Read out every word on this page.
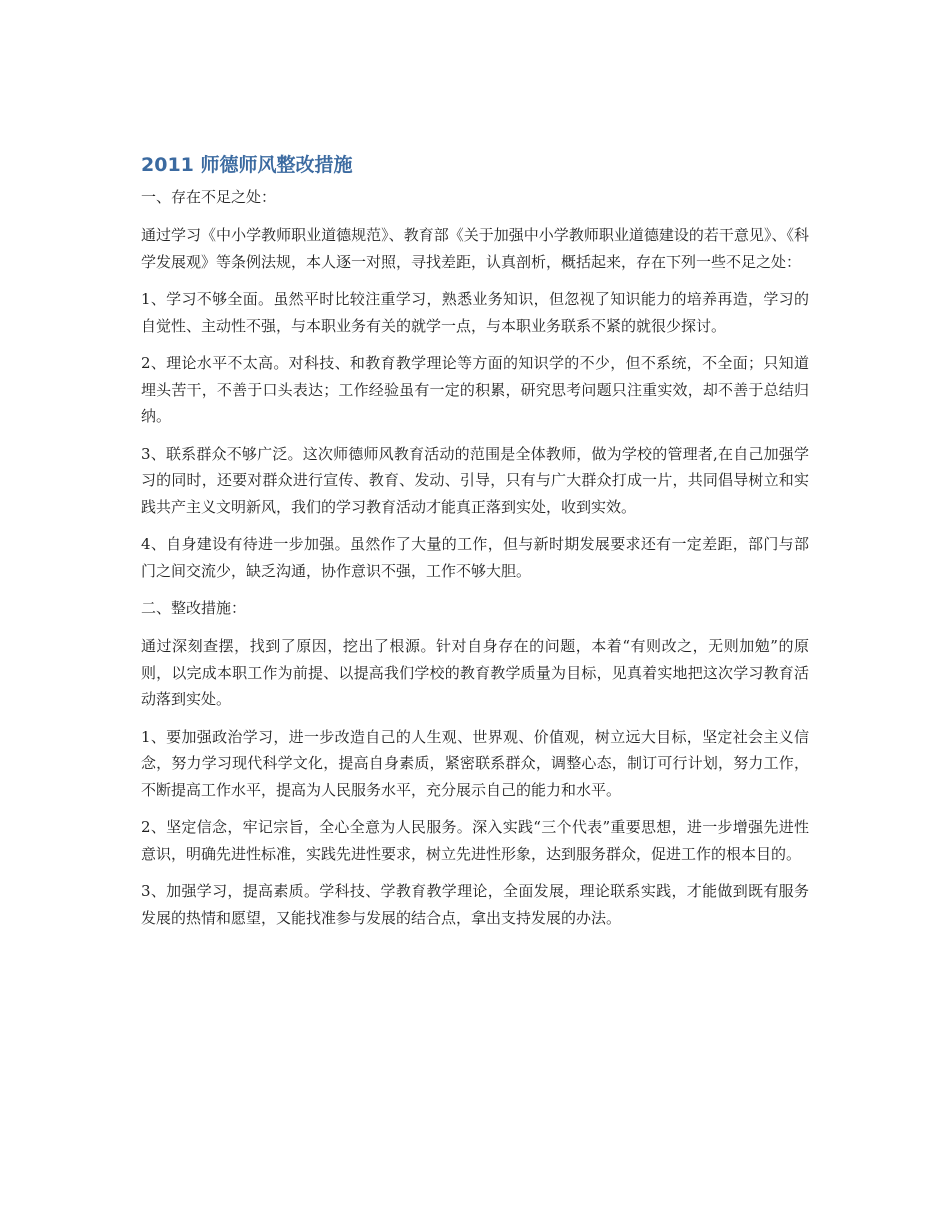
2011 师德师风整改措施
一、存在不足之处：

通过学习《中小学教师职业道德规范》、教育部《关于加强中小学教师职业道德建设的若干意见》、《科学发展观》等条例法规，本人逐一对照，寻找差距，认真剖析，概括起来，存在下列一些不足之处：

1、学习不够全面。虽然平时比较注重学习，熟悉业务知识，但忽视了知识能力的培养再造，学习的自觉性、主动性不强，与本职业务有关的就学一点，与本职业务联系不紧的就很少探讨。

2、理论水平不太高。对科技、和教育教学理论等方面的知识学的不少，但不系统，不全面；只知道埋头苦干，不善于口头表达；工作经验虽有一定的积累，研究思考问题只注重实效，却不善于总结归纳。

3、联系群众不够广泛。这次师德师风教育活动的范围是全体教师，做为学校的管理者,在自己加强学习的同时，还要对群众进行宣传、教育、发动、引导，只有与广大群众打成一片，共同倡导树立和实践共产主义文明新风，我们的学习教育活动才能真正落到实处，收到实效。

4、自身建设有待进一步加强。虽然作了大量的工作，但与新时期发展要求还有一定差距，部门与部门之间交流少，缺乏沟通，协作意识不强，工作不够大胆。

二、整改措施：

通过深刻查摆，找到了原因，挖出了根源。针对自身存在的问题，本着“有则改之，无则加勉”的原则，以完成本职工作为前提、以提高我们学校的教育教学质量为目标，见真着实地把这次学习教育活动落到实处。

1、要加强政治学习，进一步改造自己的人生观、世界观、价值观，树立远大目标，坚定社会主义信念，努力学习现代科学文化，提高自身素质，紧密联系群众，调整心态，制订可行计划，努力工作，不断提高工作水平，提高为人民服务水平，充分展示自己的能力和水平。

2、坚定信念，牢记宗旨，全心全意为人民服务。深入实践“三个代表”重要思想，进一步增强先进性意识，明确先进性标准，实践先进性要求，树立先进性形象，达到服务群众，促进工作的根本目的。

3、加强学习，提高素质。学科技、学教育教学理论，全面发展，理论联系实践，才能做到既有服务发展的热情和愿望，又能找准参与发展的结合点，拿出支持发展的办法。
